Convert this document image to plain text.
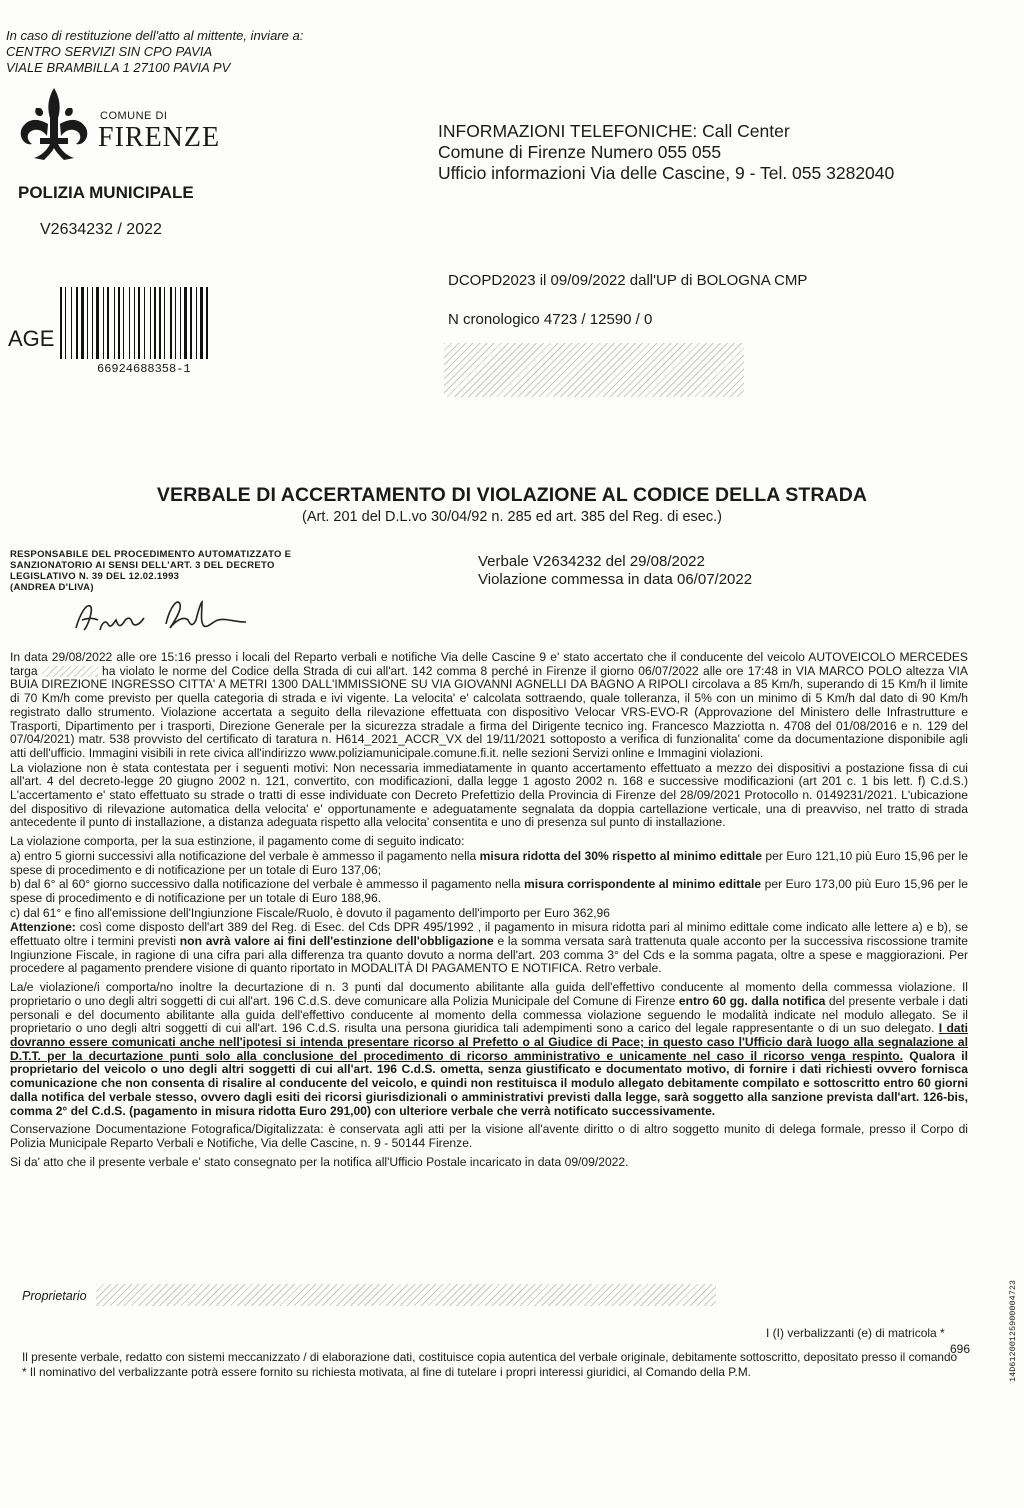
In caso di restituzione dell'atto al mittente, inviare a:
CENTRO SERVIZI SIN CPO PAVIA
VIALE BRAMBILLA 1 27100 PAVIA PV
COMUNE DI
FIRENZE
POLIZIA MUNICIPALE
V2634232 / 2022
INFORMAZIONI TELEFONICHE: Call Center
Comune di Firenze Numero 055 055
Ufficio informazioni Via delle Cascine, 9 - Tel. 055 3282040
DCOPD2023 il 09/09/2022 dall'UP di BOLOGNA CMP
N cronologico 4723 / 12590 / 0
AGE
66924688358-1
VERBALE DI ACCERTAMENTO DI VIOLAZIONE AL CODICE DELLA STRADA
(Art. 201 del D.L.vo 30/04/92 n. 285 ed art. 385 del Reg. di esec.)
RESPONSABILE DEL PROCEDIMENTO AUTOMATIZZATO E
SANZIONATORIO AI SENSI DELL'ART. 3 DEL DECRETO
LEGISLATIVO N. 39 DEL 12.02.1993
(ANDREA D'LIVA)
Verbale V2634232 del 29/08/2022
Violazione commessa in data 06/07/2022

In data 29/08/2022 alle ore 15:16 presso i locali del Reparto verbali e notifiche Via delle Cascine 9 e' stato accertato che il conducente del veicolo AUTOVEICOLO MERCEDES targa	ha violato le norme del Codice della Strada di cui all'art. 142 comma 8 perché in Firenze il giorno 06/07/2022 alle ore 17:48 in VIA MARCO POLO altezza VIA BUIA DIREZIONE INGRESSO CITTA' A METRI 1300 DALL'IMMISSIONE SU VIA GIOVANNI AGNELLI DA BAGNO A RIPOLI circolava a 85 Km/h, superando di 15 Km/h il limite di 70 Km/h come previsto per quella categoria di strada e ivi vigente. La velocita' e' calcolata sottraendo, quale tolleranza, il 5% con un minimo di 5 Km/h dal dato di 90 Km/h registrato dallo strumento. Violazione accertata a seguito della rilevazione effettuata con dispositivo Velocar VRS-EVO-R (Approvazione del Ministero delle Infrastrutture e Trasporti, Dipartimento per i trasporti, Direzione Generale per la sicurezza stradale a firma del Dirigente tecnico ing. Francesco Mazziotta n. 4708 del 01/08/2016 e n. 129 del 07/04/2021) matr. 538 provvisto del certificato di taratura n. H614_2021_ACCR_VX del 19/11/2021 sottoposto a verifica di funzionalita' come da documentazione disponibile agli atti dell'ufficio. Immagini visibili in rete civica all'indirizzo www.poliziamunicipale.comune.fi.it. nelle sezioni Servizi online e Immagini violazioni.

La violazione non è stata contestata per i seguenti motivi: Non necessaria immediatamente in quanto accertamento effettuato a mezzo dei dispositivi a postazione fissa di cui all'art. 4 del decreto-legge 20 giugno 2002 n. 121, convertito, con modificazioni, dalla legge 1 agosto 2002 n. 168 e successive modificazioni (art 201 c. 1 bis lett. f) C.d.S.) L'accertamento e' stato effettuato su strade o tratti di esse individuate con Decreto Prefettizio della Provincia di Firenze del 28/09/2021 Protocollo n. 0149231/2021. L'ubicazione del dispositivo di rilevazione automatica della velocita' e' opportunamente e adeguatamente segnalata da doppia cartellazione verticale, una di preavviso, nel tratto di strada antecedente il punto di installazione, a distanza adeguata rispetto alla velocita' consentita e uno di presenza sul punto di installazione.

La violazione comporta, per la sua estinzione, il pagamento come di seguito indicato:

a) entro 5 giorni successivi alla notificazione del verbale è ammesso il pagamento nella misura ridotta del 30% rispetto al minimo edittale per Euro 121,10 più Euro 15,96 per le spese di procedimento e di notificazione per un totale di Euro 137,06;

b) dal 6° al 60° giorno successivo dalla notificazione del verbale è ammesso il pagamento nella misura corrispondente al minimo edittale per Euro 173,00 più Euro 15,96 per le spese di procedimento e di notificazione per un totale di Euro 188,96.

c) dal 61° e fino all'emissione dell'Ingiunzione Fiscale/Ruolo, è dovuto il pagamento dell'importo per Euro 362,96

Attenzione: così come disposto dell'art 389 del Reg. di Esec. del Cds DPR 495/1992 , il pagamento in misura ridotta pari al minimo edittale come indicato alle lettere a) e b), se effettuato oltre i termini previsti non avrà valore ai fini dell'estinzione dell'obbligazione e la somma versata sarà trattenuta quale acconto per la successiva riscossione tramite Ingiunzione Fiscale, in ragione di una cifra pari alla differenza tra quanto dovuto a norma dell'art. 203 comma 3° del Cds e la somma pagata, oltre a spese e maggiorazioni. Per procedere al pagamento prendere visione di quanto riportato in MODALITÀ DI PAGAMENTO E NOTIFICA. Retro verbale.

La/e violazione/i comporta/no inoltre la decurtazione di n. 3 punti dal documento abilitante alla guida dell'effettivo conducente al momento della commessa violazione. Il proprietario o uno degli altri soggetti di cui all'art. 196 C.d.S. deve comunicare alla Polizia Municipale del Comune di Firenze entro 60 gg. dalla notifica del presente verbale i dati personali e del documento abilitante alla guida dell'effettivo conducente al momento della commessa violazione seguendo le modalità indicate nel modulo allegato. Se il proprietario o uno degli altri soggetti di cui all'art. 196 C.d.S. risulta una persona giuridica tali adempimenti sono a carico del legale rappresentante o di un suo delegato. I dati dovranno essere comunicati anche nell'ipotesi si intenda presentare ricorso al Prefetto o al Giudice di Pace; in questo caso l'Ufficio darà luogo alla segnalazione al D.T.T. per la decurtazione punti solo alla conclusione del procedimento di ricorso amministrativo e unicamente nel caso il ricorso venga respinto. Qualora il proprietario del veicolo o uno degli altri soggetti di cui all'art. 196 C.d.S. ometta, senza giustificato e documentato motivo, di fornire i dati richiesti ovvero fornisca comunicazione che non consenta di risalire al conducente del veicolo, e quindi non restituisca il modulo allegato debitamente compilato e sottoscritto entro 60 giorni dalla notifica del verbale stesso, ovvero dagli esiti dei ricorsi giurisdizionali o amministrativi previsti dalla legge, sarà soggetto alla sanzione prevista dall'art. 126-bis, comma 2° del C.d.S. (pagamento in misura ridotta Euro 291,00) con ulteriore verbale che verrà notificato successivamente.

Conservazione Documentazione Fotografica/Digitalizzata: è conservata agli atti per la visione all'avente diritto o di altro soggetto munito di delega formale, presso il Corpo di Polizia Municipale Reparto Verbali e Notifiche, Via delle Cascine, n. 9 - 50144 Firenze.

Si da' atto che il presente verbale e' stato consegnato per la notifica all'Ufficio Postale incaricato in data 09/09/2022.

Proprietario
I (I) verbalizzanti (e) di matricola *
696

Il presente verbale, redatto con sistemi meccanizzato / di elaborazione dati, costituisce copia autentica del verbale originale, debitamente sottoscritto, depositato presso il comando

* Il nominativo del verbalizzante potrà essere fornito su richiesta motivata, al fine di tutelare i propri interessi giuridici, al Comando della P.M.	14D61200125900004723
